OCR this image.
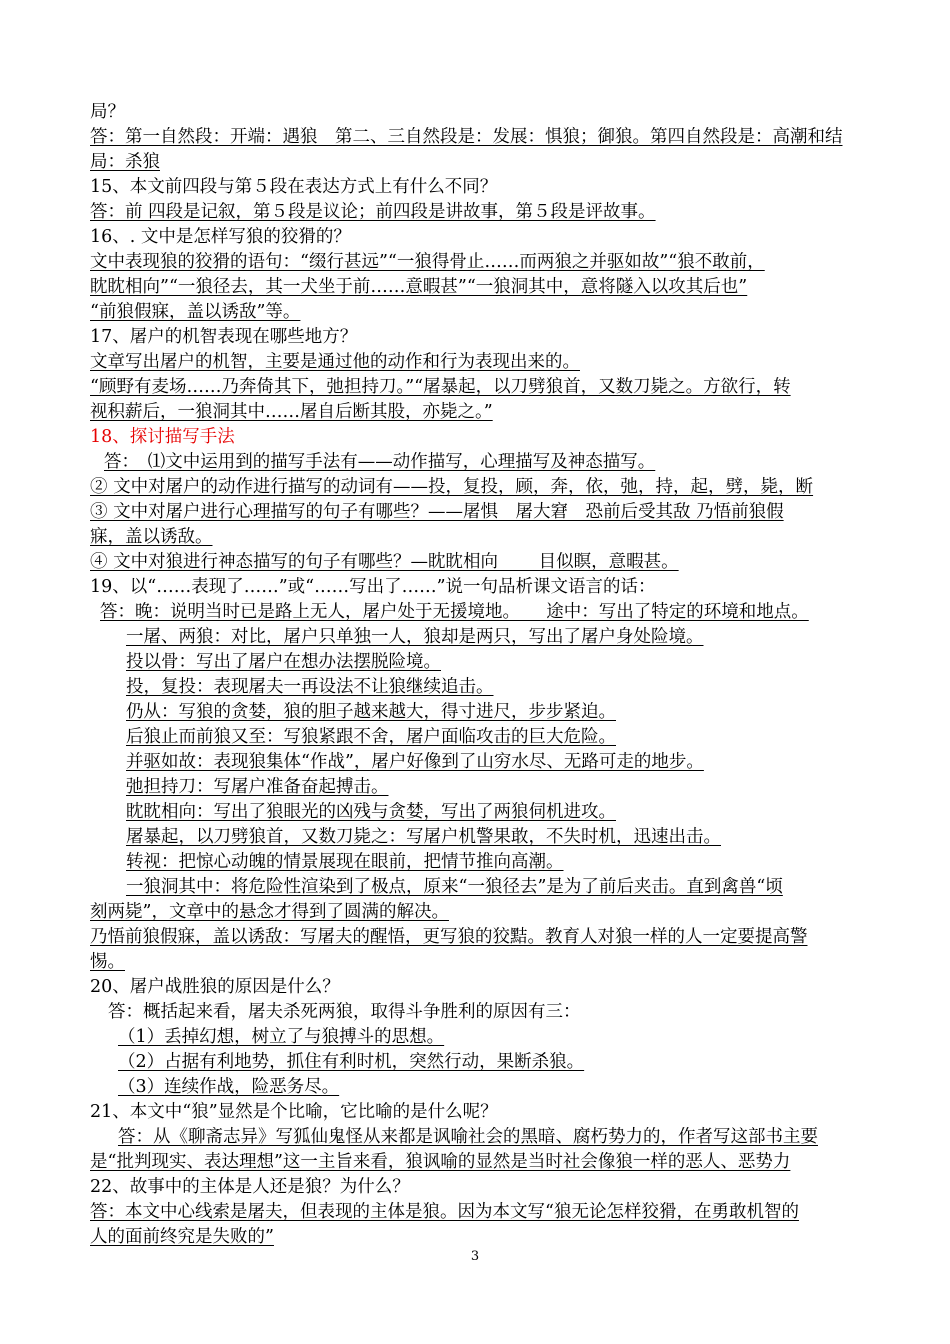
局？
答：第一自然段：开端：遇狼　第二、三自然段是：发展：惧狼；御狼。第四自然段是：高潮和结
局：杀狼
15、本文前四段与第５段在表达方式上有什么不同？
答：前 四段是记叙，第５段是议论；前四段是讲故事，第５段是评故事。
16、. 文中是怎样写狼的狡猾的？
文中表现狼的狡猾的语句：“缀行甚远”“一狼得骨止……而两狼之并驱如故”“狼不敢前，
眈眈相向”“一狼径去，其一犬坐于前……意暇甚”“一狼洞其中，意将隧入以攻其后也”
“前狼假寐，盖以诱敌”等。
17、屠户的机智表现在哪些地方？
文章写出屠户的机智，主要是通过他的动作和行为表现出来的。
“顾野有麦场……乃奔倚其下，弛担持刀。”“屠暴起，以刀劈狼首，又数刀毙之。方欲行，转
视积薪后，一狼洞其中……屠自后断其股，亦毙之。”
18、探讨描写手法
答：　⑴文中运用到的描写手法有——动作描写，心理描写及神态描写。
② 文中对屠户的动作进行描写的动词有——投，复投，顾，奔，依，弛，持，起，劈，毙，断
③ 文中对屠户进行心理描写的句子有哪些？——屠惧　屠大窘　恐前后受其敌 乃悟前狼假
寐，盖以诱敌。
④ 文中对狼进行神态描写的句子有哪些？—眈眈相向　　 目似瞑，意暇甚。
19、以“……表现了……”或“……写出了……”说一句品析课文语言的话：
答：晚：说明当时已是路上无人，屠户处于无援境地。　　途中：写出了特定的环境和地点。
一屠、两狼：对比，屠户只单独一人，狼却是两只，写出了屠户身处险境。
投以骨：写出了屠户在想办法摆脱险境。
投，复投：表现屠夫一再设法不让狼继续追击。
仍从：写狼的贪婪，狼的胆子越来越大，得寸进尺，步步紧迫。
后狼止而前狼又至：写狼紧跟不舍，屠户面临攻击的巨大危险。
并驱如故：表现狼集体“作战”，屠户好像到了山穷水尽、无路可走的地步。
弛担持刀：写屠户准备奋起搏击。
眈眈相向：写出了狼眼光的凶残与贪婪，写出了两狼伺机进攻。
屠暴起，以刀劈狼首，又数刀毙之：写屠户机警果敢，不失时机，迅速出击。
转视：把惊心动魄的情景展现在眼前，把情节推向高潮。
一狼洞其中：将危险性渲染到了极点，原来“一狼径去”是为了前后夹击。直到禽兽“顷
刻两毙”，文章中的悬念才得到了圆满的解决。
乃悟前狼假寐，盖以诱敌：写屠夫的醒悟，更写狼的狡黠。教育人对狼一样的人一定要提高警
惕。
20、屠户战胜狼的原因是什么？
答：概括起来看，屠夫杀死两狼，取得斗争胜利的原因有三：
（1）丢掉幻想，树立了与狼搏斗的思想。
（2）占据有利地势，抓住有利时机，突然行动，果断杀狼。
（3）连续作战，险恶务尽。
21、本文中“狼”显然是个比喻，它比喻的是什么呢？
答：从《聊斋志异》写狐仙鬼怪从来都是讽喻社会的黑暗、腐朽势力的，作者写这部书主要
是“批判现实、表达理想”这一主旨来看，狼讽喻的显然是当时社会像狼一样的恶人、恶势力
22、故事中的主体是人还是狼？为什么？
答：本文中心线索是屠夫，但表现的主体是狼。因为本文写“狼无论怎样狡猾，在勇敢机智的
人的面前终究是失败的”
3
